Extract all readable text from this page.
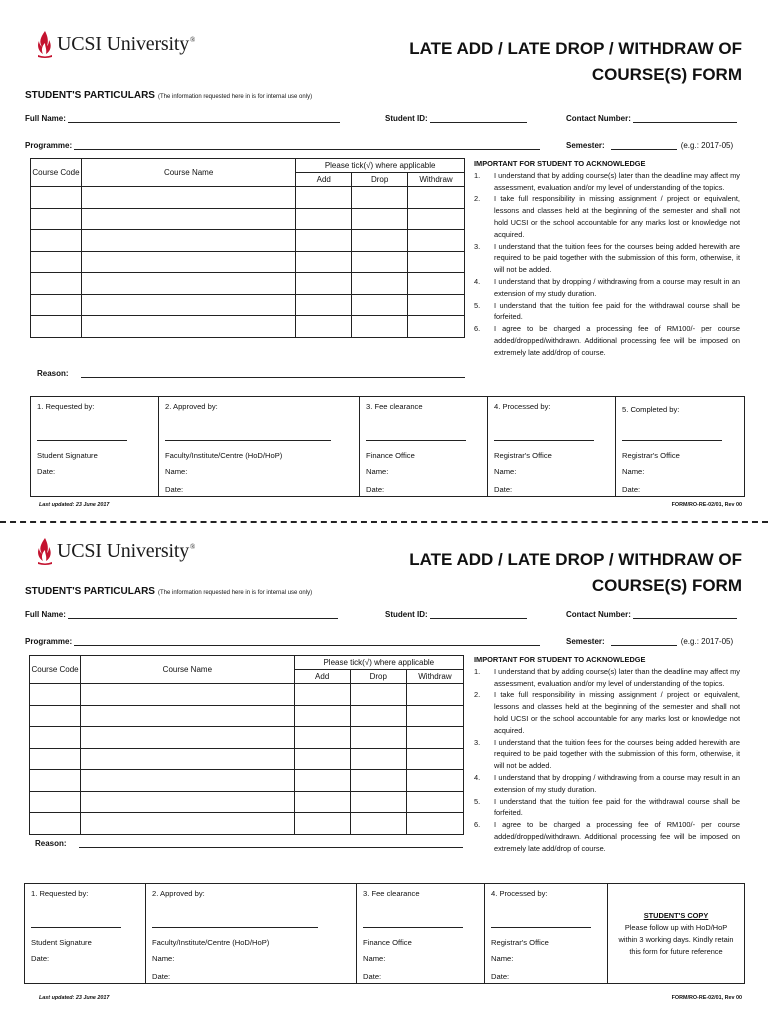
UCSI University®	LATE ADD / LATE DROP / WITHDRAW OF
COURSE(S) FORM
STUDENT'S PARTICULARS (The information requested here in is for internal use only)
Full Name:	Student ID:	Contact Number:
Programme:	Semester:	(e.g.: 2017-05)
Course Code	Course Name	Please tick(√) where applicable		
		Add	Drop	Withdraw

Reason:
IMPORTANT FOR STUDENT TO ACKNOWLEDGE
1.	I understand that by adding course(s) later than the deadline may affect my assessment, evaluation and/or my level of understanding of the topics.
2.	I take full responsibility in missing assignment / project or equivalent, lessons and classes held at the beginning of the semester and shall not hold UCSI or the school accountable for any marks lost or knowledge not acquired.
3.	I understand that the tuition fees for the courses being added herewith are required to be paid together with the submission of this form, otherwise, it will not be added.
4.	I understand that by dropping / withdrawing from a course may result in an extension of my study duration.
5.	I understand that the tuition fee paid for the withdrawal course shall be forfeited.
6.	I agree to be charged a processing fee of RM100/- per course added/dropped/withdrawn. Additional processing fee will be imposed on extremely late add/drop of course.
1. Requested by:
Student Signature
Date:
2. Approved by:
Faculty/Institute/Centre (HoD/HoP)
Name:
Date:
3. Fee clearance
Finance Office
Name:
Date:
4. Processed by:
Registrar's Office
Name:
Date:
5. Completed by:
Registrar's Office
Name:
Date:
Last updated: 23 June 2017	FORM/RO-RE-02/01, Rev 00
UCSI University®
LATE ADD / LATE DROP / WITHDRAW OF
COURSE(S) FORM
STUDENT'S PARTICULARS (The information requested here in is for internal use only)
Full Name:	Student ID:	Contact Number:
Programme:	Semester:	(e.g.: 2017-05)
Course Code	Course Name	Please tick(√) where applicable		
		Add	Drop	Withdraw

Reason:
IMPORTANT FOR STUDENT TO ACKNOWLEDGE
1.	I understand that by adding course(s) later than the deadline may affect my assessment, evaluation and/or my level of understanding of the topics.
2.	I take full responsibility in missing assignment / project or equivalent, lessons and classes held at the beginning of the semester and shall not hold UCSI or the school accountable for any marks lost or knowledge not acquired.
3.	I understand that the tuition fees for the courses being added herewith are required to be paid together with the submission of this form, otherwise, it will not be added.
4.	I understand that by dropping / withdrawing from a course may result in an extension of my study duration.
5.	I understand that the tuition fee paid for the withdrawal course shall be forfeited.
6.	I agree to be charged a processing fee of RM100/- per course added/dropped/withdrawn. Additional processing fee will be imposed on extremely late add/drop of course.
1. Requested by:
Student Signature
Date:
2. Approved by:
Faculty/Institute/Centre (HoD/HoP)
Name:
Date:
3. Fee clearance
Finance Office
Name:
Date:
4. Processed by:
Registrar's Office
Name:
Date:
STUDENT'S COPY
Please follow up with HoD/HoP within 3 working days. Kindly retain this form for future reference
Last updated: 23 June 2017	FORM/RO-RE-02/01, Rev 00
